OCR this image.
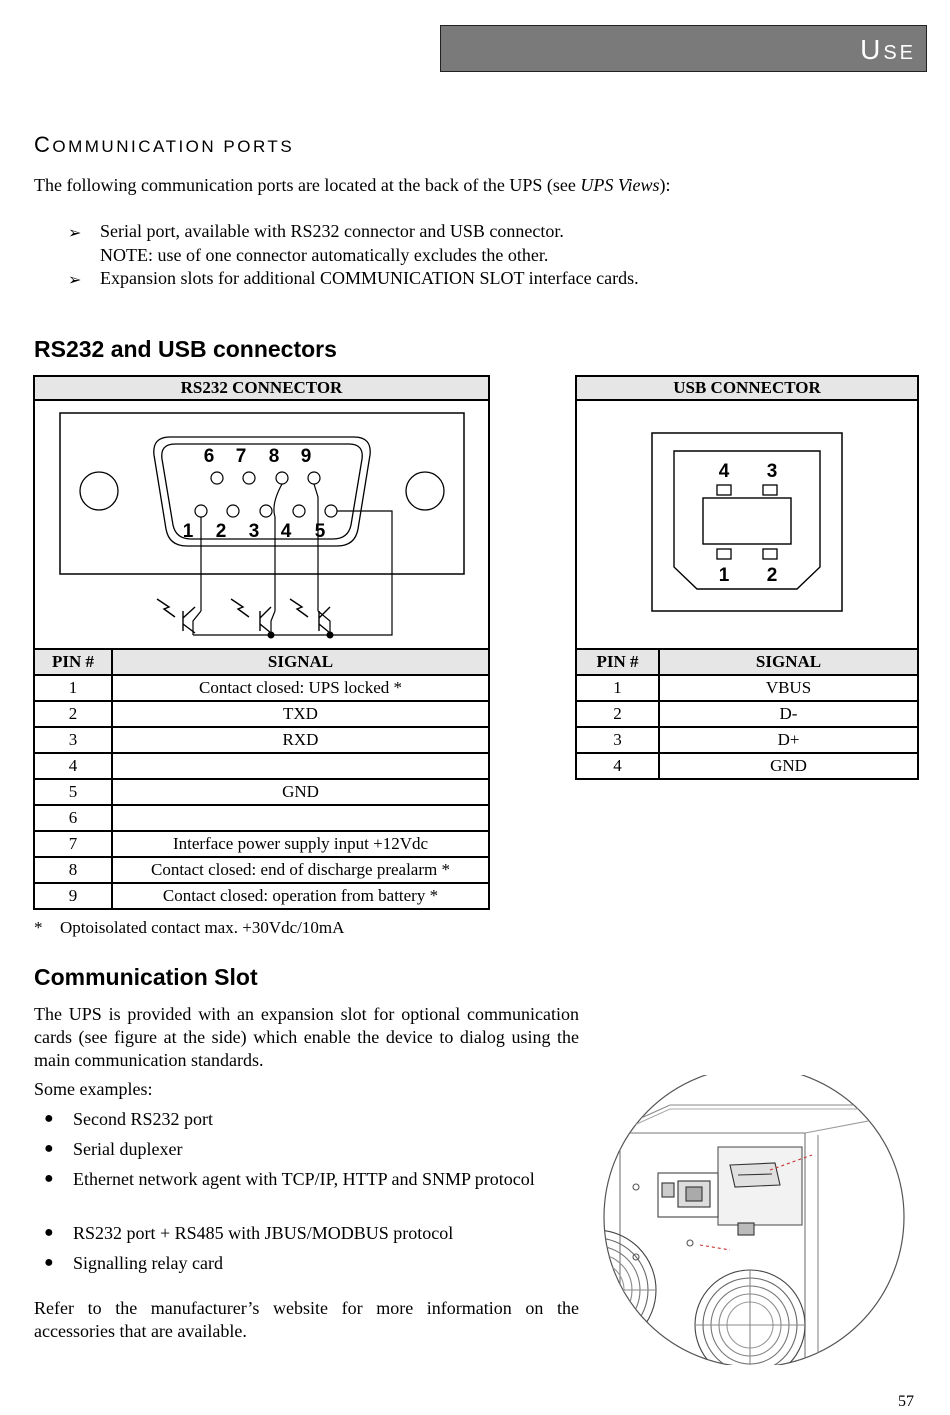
USE
COMMUNICATION PORTS
The following communication ports are located at the back of the UPS (see UPS Views):
➢ Serial port, available with RS232 connector and USB connector.
NOTE: use of one connector automatically excludes the other.
➢ Expansion slots for additional COMMUNICATION SLOT interface cards.
RS232 and USB connectors
RS232 CONNECTOR
6 7 8 9
1 2 3 4 5
PIN #	SIGNAL
1	Contact closed: UPS locked *
2	TXD
3	RXD
4	
5	GND
6	
7	Interface power supply input +12Vdc
8	Contact closed: end of discharge prealarm *
9	Contact closed: operation from battery *
USB CONNECTOR
4 3
1 2
PIN #	SIGNAL
1	VBUS
2	D-
3	D+
4	GND
* Optoisolated contact max. +30Vdc/10mA
Communication Slot
The UPS is provided with an expansion slot for optional communication cards (see figure at the side) which enable the device to dialog using the main communication standards.
Some examples:
● Second RS232 port
● Serial duplexer
● Ethernet network agent with TCP/IP, HTTP and SNMP protocol
● RS232 port + RS485 with JBUS/MODBUS protocol
● Signalling relay card
Refer to the manufacturer’s website for more information on the accessories that are available.
57
